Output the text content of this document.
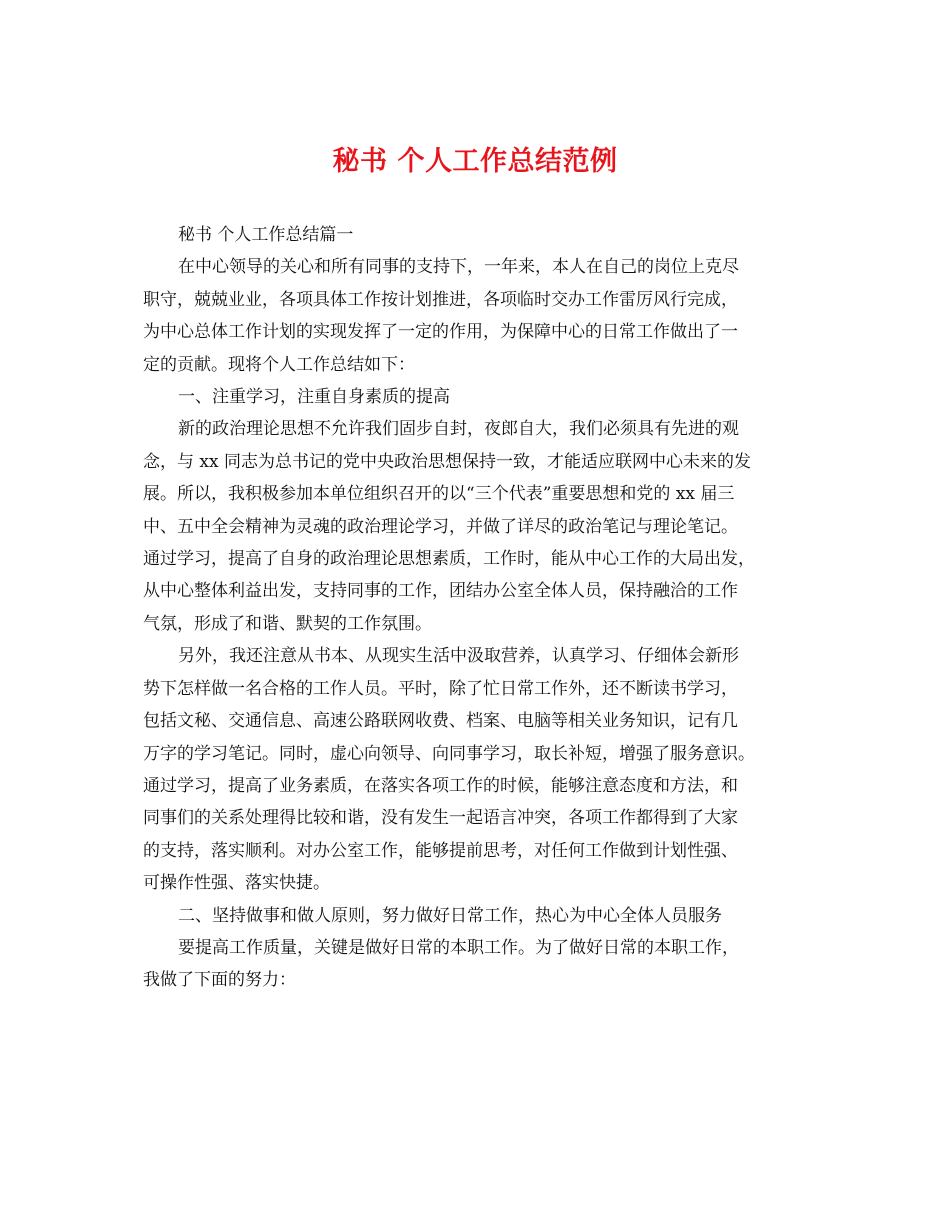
秘书 个人工作总结范例

秘书 个人工作总结篇一

在中心领导的关心和所有同事的支持下，一年来，本人在自己的岗位上克尽

职守，兢兢业业，各项具体工作按计划推进，各项临时交办工作雷厉风行完成，

为中心总体工作计划的实现发挥了一定的作用，为保障中心的日常工作做出了一

定的贡献。现将个人工作总结如下：

一、注重学习，注重自身素质的提高

新的政治理论思想不允许我们固步自封，夜郎自大，我们必须具有先进的观

念，与 xx 同志为总书记的党中央政治思想保持一致，才能适应联网中心未来的发

展。所以，我积极参加本单位组织召开的以“三个代表”重要思想和党的 xx 届三

中、五中全会精神为灵魂的政治理论学习，并做了详尽的政治笔记与理论笔记。

通过学习，提高了自身的政治理论思想素质，工作时，能从中心工作的大局出发，

从中心整体利益出发，支持同事的工作，团结办公室全体人员，保持融洽的工作

气氛，形成了和谐、默契的工作氛围。

另外，我还注意从书本、从现实生活中汲取营养，认真学习、仔细体会新形

势下怎样做一名合格的工作人员。平时，除了忙日常工作外，还不断读书学习，

包括文秘、交通信息、高速公路联网收费、档案、电脑等相关业务知识，记有几

万字的学习笔记。同时，虚心向领导、向同事学习，取长补短，增强了服务意识。

通过学习，提高了业务素质，在落实各项工作的时候，能够注意态度和方法，和

同事们的关系处理得比较和谐，没有发生一起语言冲突，各项工作都得到了大家

的支持，落实顺利。对办公室工作，能够提前思考，对任何工作做到计划性强、

可操作性强、落实快捷。

二、坚持做事和做人原则，努力做好日常工作，热心为中心全体人员服务

要提高工作质量，关键是做好日常的本职工作。为了做好日常的本职工作，

我做了下面的努力：
